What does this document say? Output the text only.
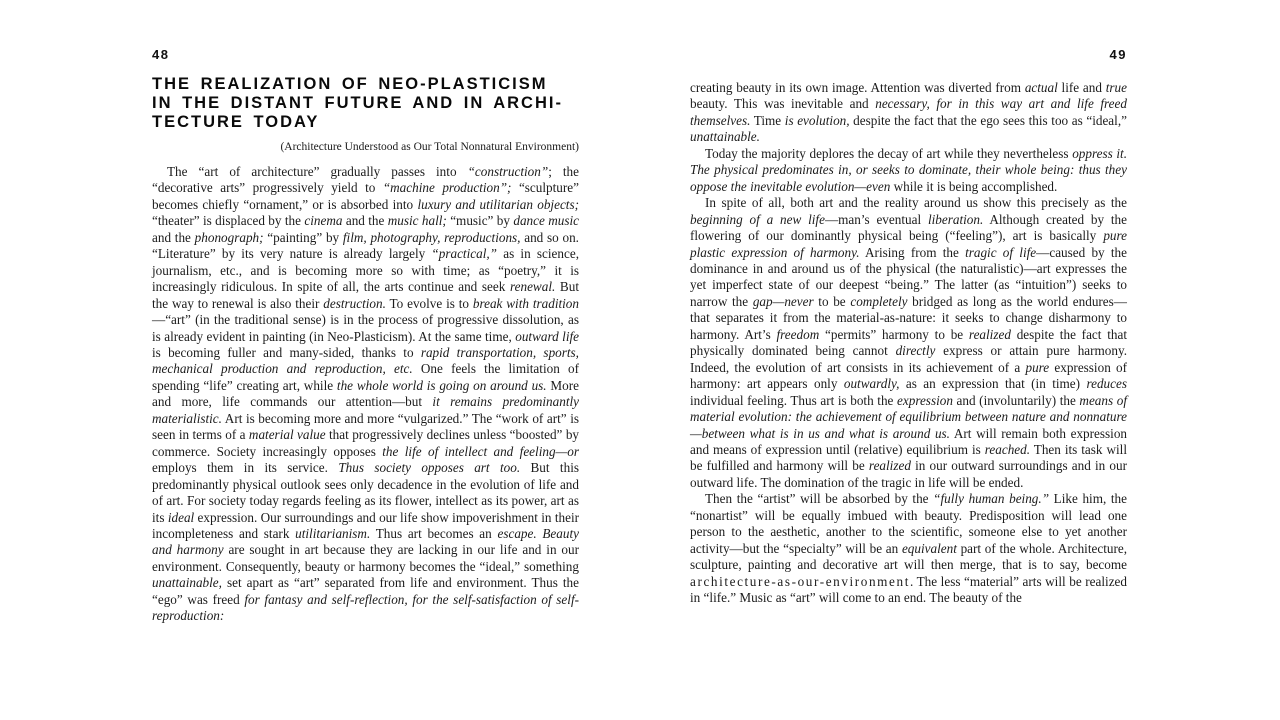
48
THE REALIZATION OF NEO-PLASTICISM
IN THE DISTANT FUTURE AND IN ARCHI-
TECTURE TODAY
(Architecture Understood as Our Total Nonnatural Environment)

The “art of architecture” gradually passes into “construction”; the “decorative arts” progressively yield to “machine production”; “sculpture” becomes chiefly “ornament,” or is absorbed into luxury and utilitarian objects; “theater” is displaced by the cinema and the music hall; “music” by dance music and the phonograph; “painting” by film, photography, reproductions, and so on. “Literature” by its very nature is already largely “practical,” as in science, journalism, etc., and is becoming more so with time; as “poetry,” it is increasingly ridiculous. In spite of all, the arts continue and seek renewal. But the way to renewal is also their destruction. To evolve is to break with tradition—“art” (in the traditional sense) is in the process of progressive dissolution, as is already evident in painting (in Neo-Plasticism). At the same time, outward life is becoming fuller and many-sided, thanks to rapid transportation, sports, mechanical production and reproduction, etc. One feels the limitation of spending “life” creating art, while the whole world is going on around us. More and more, life commands our attention—but it remains predominantly materialistic. Art is becoming more and more “vulgarized.” The “work of art” is seen in terms of a material value that progressively declines unless “boosted” by commerce. Society increasingly opposes the life of intellect and feeling—or employs them in its service. Thus society opposes art too. But this predominantly physical outlook sees only decadence in the evolution of life and of art. For society today regards feeling as its flower, intellect as its power, art as its ideal expression. Our surroundings and our life show impoverishment in their incompleteness and stark utilitarianism. Thus art becomes an escape. Beauty and harmony are sought in art because they are lacking in our life and in our environment. Consequently, beauty or harmony becomes the “ideal,” something unattainable, set apart as “art” separated from life and environment. Thus the “ego” was freed for fantasy and self-reflection, for the self-satisfaction of self-reproduction:

49

creating beauty in its own image. Attention was diverted from actual life and true beauty. This was inevitable and necessary, for in this way art and life freed themselves. Time is evolution, despite the fact that the ego sees this too as “ideal,” unattainable.

Today the majority deplores the decay of art while they nevertheless oppress it. The physical predominates in, or seeks to dominate, their whole being: thus they oppose the inevitable evolution—even while it is being accomplished.

In spite of all, both art and the reality around us show this precisely as the beginning of a new life—man’s eventual liberation. Although created by the flowering of our dominantly physical being (“feeling”), art is basically pure plastic expression of harmony. Arising from the tragic of life—caused by the dominance in and around us of the physical (the naturalistic)—art expresses the yet imperfect state of our deepest “being.” The latter (as “intuition”) seeks to narrow the gap—never to be completely bridged as long as the world endures—that separates it from the material-as-nature: it seeks to change disharmony to harmony. Art’s freedom “permits” harmony to be realized despite the fact that physically dominated being cannot directly express or attain pure harmony. Indeed, the evolution of art consists in its achievement of a pure expression of harmony: art appears only outwardly, as an expression that (in time) reduces individual feeling. Thus art is both the expression and (involuntarily) the means of material evolution: the achievement of equilibrium between nature and nonnature—between what is in us and what is around us. Art will remain both expression and means of expression until (relative) equilibrium is reached. Then its task will be fulfilled and harmony will be realized in our outward surroundings and in our outward life. The domination of the tragic in life will be ended.

Then the “artist” will be absorbed by the “fully human being.” Like him, the “nonartist” will be equally imbued with beauty. Predisposition will lead one person to the aesthetic, another to the scientific, someone else to yet another activity—but the “specialty” will be an equivalent part of the whole. Architecture, sculpture, painting and decorative art will then merge, that is to say, become architecture-as-our-environment. The less “material” arts will be realized in “life.” Music as “art” will come to an end. The beauty of the
